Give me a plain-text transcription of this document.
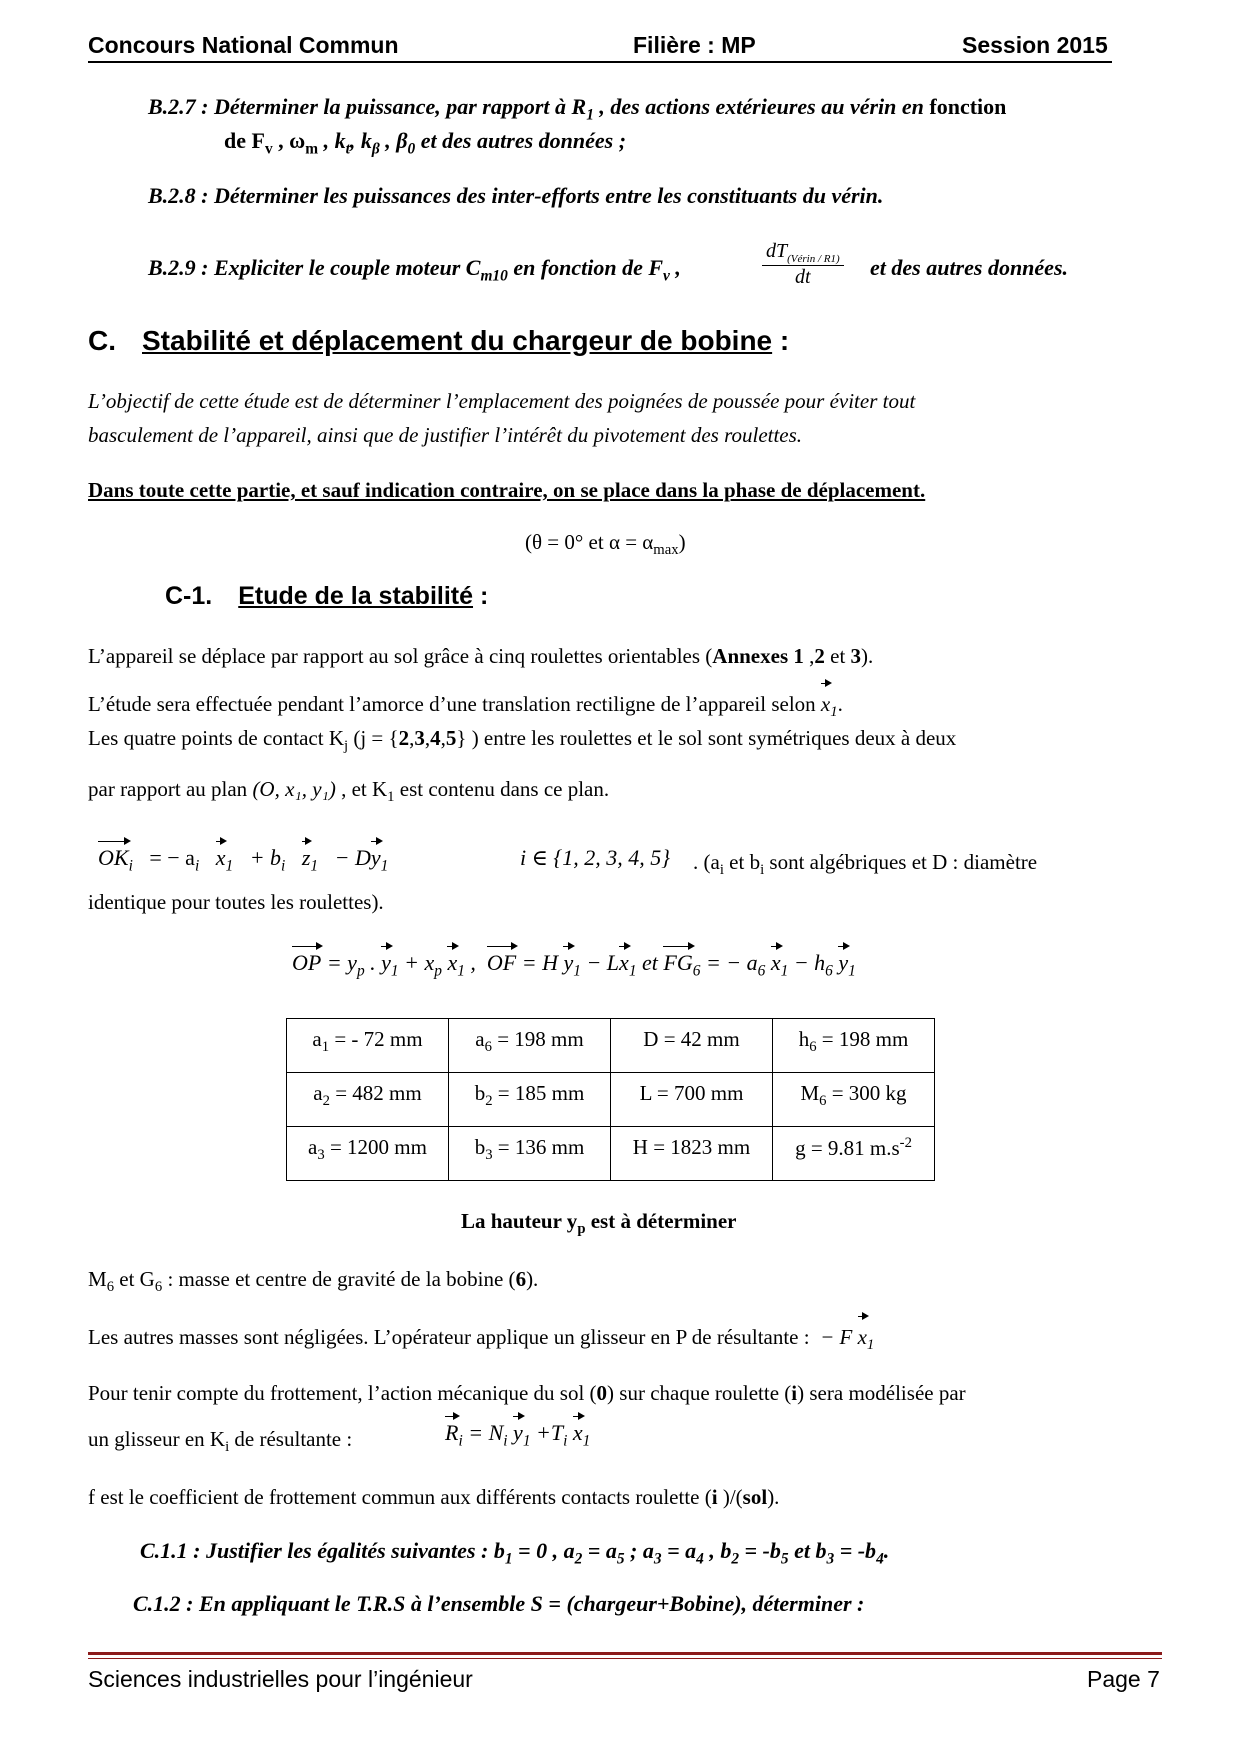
Concours National Commun	Filière : MP	Session 2015
B.2.7 : Déterminer la puissance, par rapport à $R_1$ , des actions extérieures au vérin en fonction
de $F_v$ , $\omega_m$ , $k_t$, $k_\beta$ , $\beta_0$ et des autres données ;
B.2.8 : Déterminer les puissances des inter-efforts entre les constituants du vérin.
B.2.9 : Expliciter le couple moteur $C_{m10}$ en fonction de $F_v$ ,
$dT_{(Vérin / R1)}$
dt	et des autres données.
C. Stabilité et déplacement du chargeur de bobine :
L’objectif de cette étude est de déterminer l’emplacement des poignées de poussée pour éviter tout
basculement de l’appareil, ainsi que de justifier l’intérêt du pivotement des roulettes.
Dans toute cette partie, et sauf indication contraire, on se place dans la phase de déplacement.
(θ = 0° et $\alpha = \alpha_{max}$)
C-1. Etude de la stabilité :
L’appareil se déplace par rapport au sol grâce à cinq roulettes orientables (Annexes 1 ,2 et 3).
L’étude sera effectuée pendant l’amorce d’une translation rectiligne de l’appareil selon $x_1$.
Les quatre points de contact $K_j$ (j = {2,3,4,5} ) entre les roulettes et le sol sont symétriques deux à deux
par rapport au plan (O, x₁, y₁) , et $K_1$ est contenu dans ce plan.
$OK_i$ = − $a_i$ $x_1 + b_i$ $z_1 - Dy_1$	i ∈ {1, 2, 3, 4, 5} . ($a_i$ et $b_i$ sont algébriques et D : diamètre
identique pour toutes les roulettes).
OP = $y_p$ . $y_1 + x_p$ $x_1$ ,  OF = H $y_1 - Lx_1$ et $FG_6$ = − $a_6$ $x_1 - h_6$ $y_1$
$a_1$ = - 72 mm	$a_6 = 198$ mm	D = 42 mm	$h_6 = 198$ mm
$a_2 = 482$ mm	$b_2 = 185$ mm	L = 700 mm	$M_6 = 300$ kg
$a_3 = 1200$ mm	$b_3 = 136$ mm	H = 1823 mm	g = 9.81 $m.s^{-2}$
La hauteur $y_p$ est à déterminer
$M_6$ et $G_6$ : masse et centre de gravité de la bobine (6).
Les autres masses sont négligées. L’opérateur applique un glisseur en P de résultante : − F $x_1$
Pour tenir compte du frottement, l’action mécanique du sol (0) sur chaque roulette (i) sera modélisée par
un glisseur en $K_i$ de résultante :	$R_i = N_i$ $y_1 +T_i$ $x_1$
f est le coefficient de frottement commun aux différents contacts roulette (i )/(sol).
C.1.1 : Justifier les égalités suivantes : $b_1 = 0$ , $a_2 = a_5$ ; $a_3 = a_4$ , $b_2 = -b_5$ et $b_3 = -b_4$.
C.1.2 : En appliquant le T.R.S à l’ensemble S = (chargeur+Bobine), déterminer :
Sciences industrielles pour l’ingénieur	Page 7
